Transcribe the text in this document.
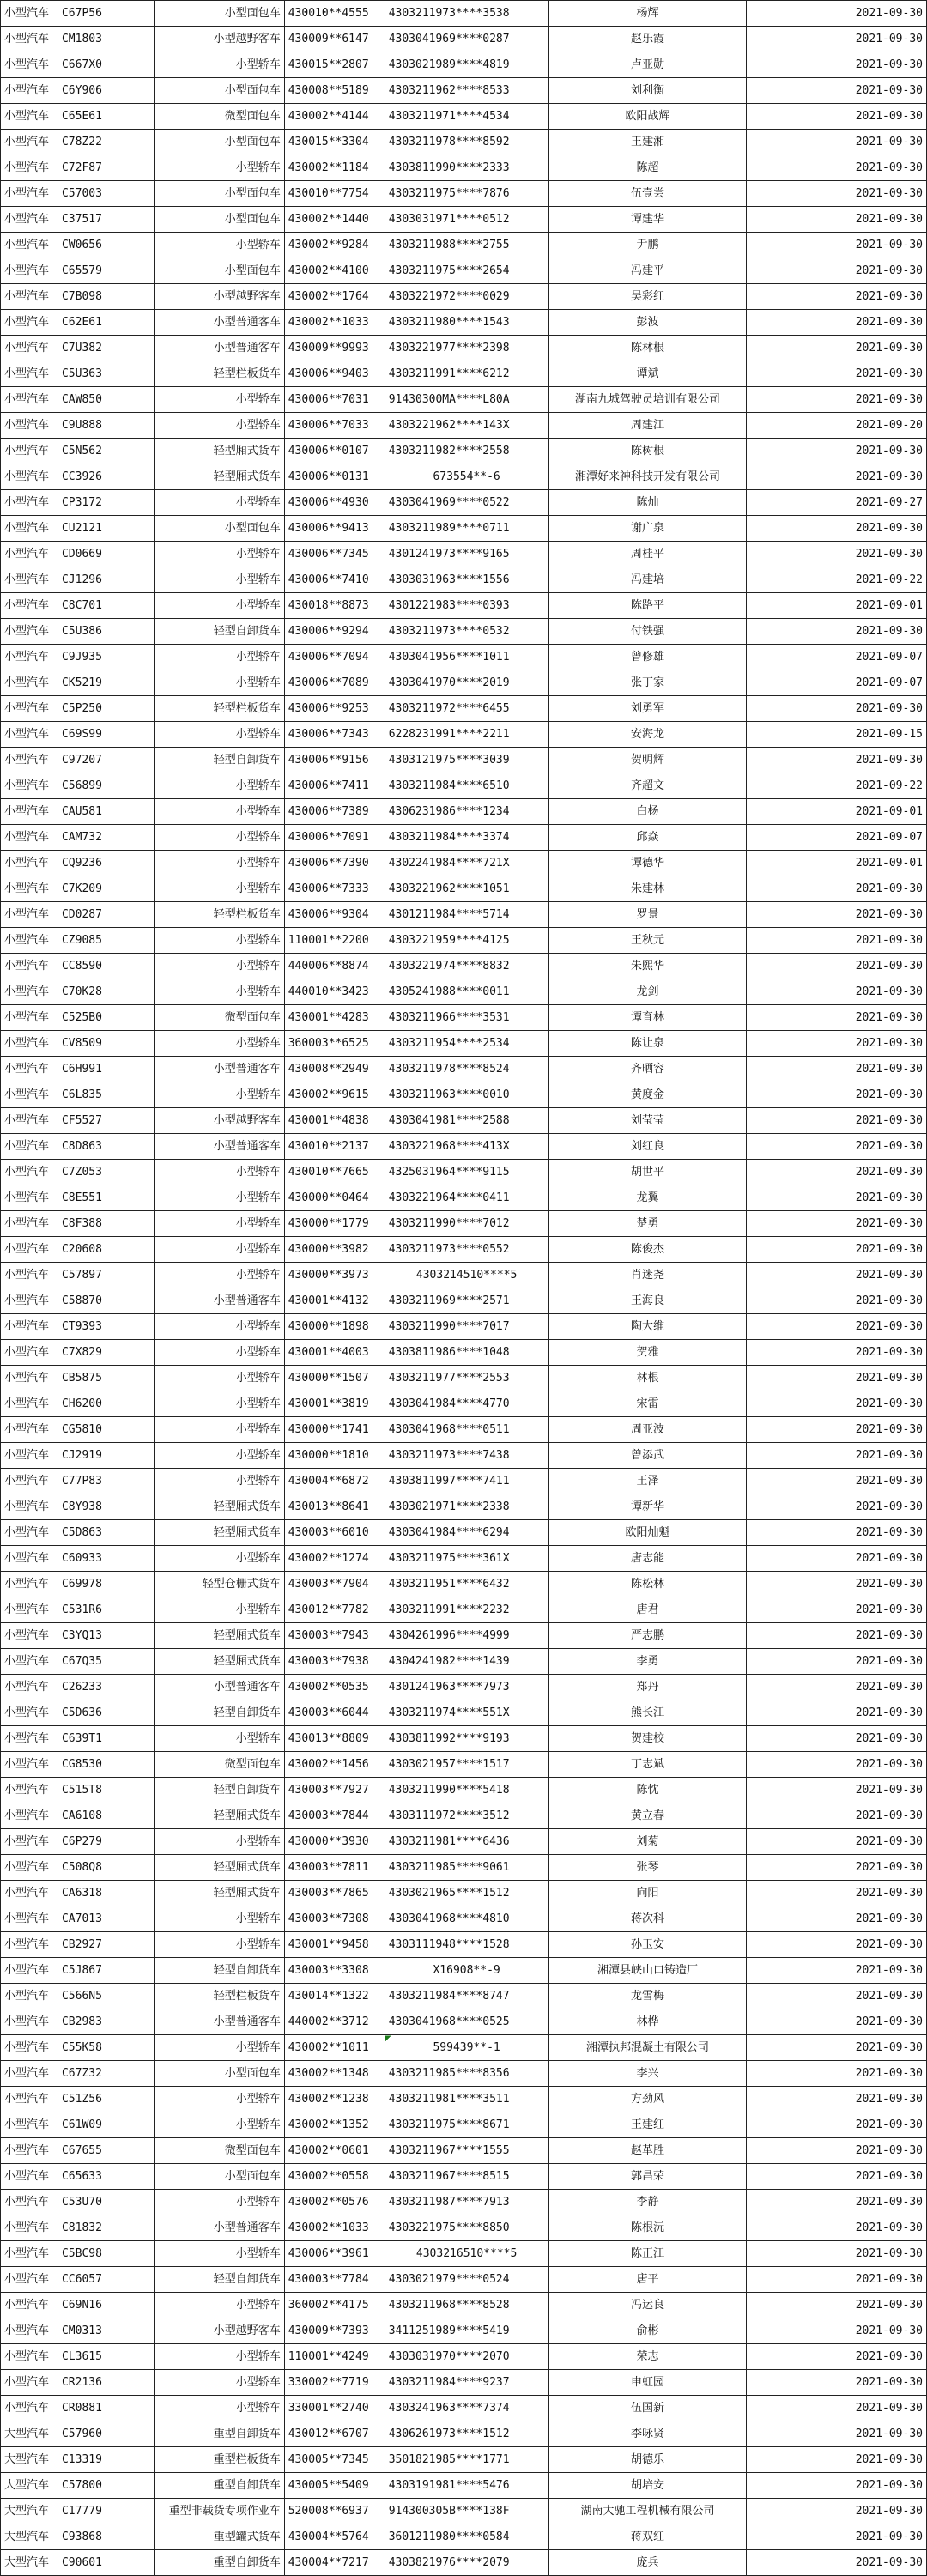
小型汽车	C67P56	小型面包车	430010**4555	4303211973****3538	杨辉	2021-09-30
小型汽车	CM1803	小型越野客车	430009**6147	4303041969****0287	赵乐霞	2021-09-30
小型汽车	C667X0	小型轿车	430015**2807	4303021989****4819	卢亚勋	2021-09-30
小型汽车	C6Y906	小型面包车	430008**5189	4303211962****8533	刘利衡	2021-09-30
小型汽车	C65E61	微型面包车	430002**4144	4303211971****4534	欧阳战辉	2021-09-30
小型汽车	C78Z22	小型面包车	430015**3304	4303211978****8592	王建湘	2021-09-30
小型汽车	C72F87	小型轿车	430002**1184	4303811990****2333	陈超	2021-09-30
小型汽车	C57003	小型面包车	430010**7754	4303211975****7876	伍壹尝	2021-09-30
小型汽车	C37517	小型面包车	430002**1440	4303031971****0512	谭建华	2021-09-30
小型汽车	CW0656	小型轿车	430002**9284	4303211988****2755	尹鹏	2021-09-30
小型汽车	C65579	小型面包车	430002**4100	4303211975****2654	冯建平	2021-09-30
小型汽车	C7B098	小型越野客车	430002**1764	4303221972****0029	吴彩红	2021-09-30
小型汽车	C62E61	小型普通客车	430002**1033	4303211980****1543	彭波	2021-09-30
小型汽车	C7U382	小型普通客车	430009**9993	4303221977****2398	陈林根	2021-09-30
小型汽车	C5U363	轻型栏板货车	430006**9403	4303211991****6212	谭斌	2021-09-30
小型汽车	CAW850	小型轿车	430006**7031	91430300MA****L80A	湖南九城驾驶员培训有限公司	2021-09-30
小型汽车	C9U888	小型轿车	430006**7033	4303221962****143X	周建江	2021-09-20
小型汽车	C5N562	轻型厢式货车	430006**0107	4303211982****2558	陈树根	2021-09-30
小型汽车	CC3926	轻型厢式货车	430006**0131	673554**-6	湘潭好来神科技开发有限公司	2021-09-30
小型汽车	CP3172	小型轿车	430006**4930	4303041969****0522	陈灿	2021-09-27
小型汽车	CU2121	小型面包车	430006**9413	4303211989****0711	谢广泉	2021-09-30
小型汽车	CD0669	小型轿车	430006**7345	4301241973****9165	周桂平	2021-09-30
小型汽车	CJ1296	小型轿车	430006**7410	4303031963****1556	冯建培	2021-09-22
小型汽车	C8C701	小型轿车	430018**8873	4301221983****0393	陈路平	2021-09-01
小型汽车	C5U386	轻型自卸货车	430006**9294	4303211973****0532	付铁强	2021-09-30
小型汽车	C9J935	小型轿车	430006**7094	4303041956****1011	曾修雄	2021-09-07
小型汽车	CK5219	小型轿车	430006**7089	4303041970****2019	张丁家	2021-09-07
小型汽车	C5P250	轻型栏板货车	430006**9253	4303211972****6455	刘勇军	2021-09-30
小型汽车	C69S99	小型轿车	430006**7343	6228231991****2211	安海龙	2021-09-15
小型汽车	C97207	轻型自卸货车	430006**9156	4303121975****3039	贺明辉	2021-09-30
小型汽车	C56899	小型轿车	430006**7411	4303211984****6510	齐超文	2021-09-22
小型汽车	CAU581	小型轿车	430006**7389	4306231986****1234	白杨	2021-09-01
小型汽车	CAM732	小型轿车	430006**7091	4303211984****3374	邱焱	2021-09-07
小型汽车	CQ9236	小型轿车	430006**7390	4302241984****721X	谭德华	2021-09-01
小型汽车	C7K209	小型轿车	430006**7333	4303221962****1051	朱建林	2021-09-30
小型汽车	CD0287	轻型栏板货车	430006**9304	4301211984****5714	罗景	2021-09-30
小型汽车	CZ9085	小型轿车	110001**2200	4303221959****4125	王秋元	2021-09-30
小型汽车	CC8590	小型轿车	440006**8874	4303221974****8832	朱熙华	2021-09-30
小型汽车	C70K28	小型轿车	440010**3423	4305241988****0011	龙剑	2021-09-30
小型汽车	C525B0	微型面包车	430001**4283	4303211966****3531	谭育林	2021-09-30
小型汽车	CV8509	小型轿车	360003**6525	4303211954****2534	陈让泉	2021-09-30
小型汽车	C6H991	小型普通客车	430008**2949	4303211978****8524	齐晒容	2021-09-30
小型汽车	C6L835	小型轿车	430002**9615	4303211963****0010	黄度金	2021-09-30
小型汽车	CF5527	小型越野客车	430001**4838	4303041981****2588	刘莹莹	2021-09-30
小型汽车	C8D863	小型普通客车	430010**2137	4303221968****413X	刘红良	2021-09-30
小型汽车	C7Z053	小型轿车	430010**7665	4325031964****9115	胡世平	2021-09-30
小型汽车	C8E551	小型轿车	430000**0464	4303221964****0411	龙翼	2021-09-30
小型汽车	C8F388	小型轿车	430000**1779	4303211990****7012	楚勇	2021-09-30
小型汽车	C20608	小型轿车	430000**3982	4303211973****0552	陈俊杰	2021-09-30
小型汽车	C57897	小型轿车	430000**3973	4303214510****5	肖迷尧	2021-09-30
小型汽车	C58870	小型普通客车	430001**4132	4303211969****2571	王海良	2021-09-30
小型汽车	CT9393	小型轿车	430000**1898	4303211990****7017	陶大维	2021-09-30
小型汽车	C7X829	小型轿车	430001**4003	4303811986****1048	贺雅	2021-09-30
小型汽车	CB5875	小型轿车	430000**1507	4303211977****2553	林根	2021-09-30
小型汽车	CH6200	小型轿车	430001**3819	4303041984****4770	宋雷	2021-09-30
小型汽车	CG5810	小型轿车	430000**1741	4303041968****0511	周亚波	2021-09-30
小型汽车	CJ2919	小型轿车	430000**1810	4303211973****7438	曾添武	2021-09-30
小型汽车	C77P83	小型轿车	430004**6872	4303811997****7411	王泽	2021-09-30
小型汽车	C8Y938	轻型厢式货车	430013**8641	4303021971****2338	谭新华	2021-09-30
小型汽车	C5D863	轻型厢式货车	430003**6010	4303041984****6294	欧阳灿魁	2021-09-30
小型汽车	C60933	小型轿车	430002**1274	4303211975****361X	唐志能	2021-09-30
小型汽车	C69978	轻型仓栅式货车	430003**7904	4303211951****6432	陈松林	2021-09-30
小型汽车	C531R6	小型轿车	430012**7782	4303211991****2232	唐君	2021-09-30
小型汽车	C3YQ13	轻型厢式货车	430003**7943	4304261996****4999	严志鹏	2021-09-30
小型汽车	C67Q35	轻型厢式货车	430003**7938	4304241982****1439	李勇	2021-09-30
小型汽车	C26233	小型普通客车	430002**0535	4301241963****7973	郑丹	2021-09-30
小型汽车	C5D636	轻型自卸货车	430003**6044	4303211974****551X	熊长江	2021-09-30
小型汽车	C639T1	小型轿车	430013**8809	4303811992****9193	贺建校	2021-09-30
小型汽车	CG8530	微型面包车	430002**1456	4303021957****1517	丁志斌	2021-09-30
小型汽车	C515T8	轻型自卸货车	430003**7927	4303211990****5418	陈忱	2021-09-30
小型汽车	CA6108	轻型厢式货车	430003**7844	4303111972****3512	黄立春	2021-09-30
小型汽车	C6P279	小型轿车	430000**3930	4303211981****6436	刘菊	2021-09-30
小型汽车	C508Q8	轻型厢式货车	430003**7811	4303211985****9061	张琴	2021-09-30
小型汽车	CA6318	轻型厢式货车	430003**7865	4303021965****1512	向阳	2021-09-30
小型汽车	CA7013	小型轿车	430003**7308	4303041968****4810	蒋次科	2021-09-30
小型汽车	CB2927	小型轿车	430001**9458	4303111948****1528	孙玉安	2021-09-30
小型汽车	C5J867	轻型自卸货车	430003**3308	X16908**-9	湘潭县峡山口铸造厂	2021-09-30
小型汽车	C566N5	轻型栏板货车	430014**1322	4303211984****8747	龙雪梅	2021-09-30
小型汽车	CB2983	小型普通客车	440002**3712	4303041968****0525	林桦	2021-09-30
小型汽车	C55K58	小型轿车	430002**1011	599439**-1	湘潭执邦混凝土有限公司	2021-09-30
小型汽车	C67Z32	小型面包车	430002**1348	4303211985****8356	李兴	2021-09-30
小型汽车	C51Z56	小型轿车	430002**1238	4303211981****3511	方劲风	2021-09-30
小型汽车	C61W09	小型轿车	430002**1352	4303211975****8671	王建红	2021-09-30
小型汽车	C67655	微型面包车	430002**0601	4303211967****1555	赵革胜	2021-09-30
小型汽车	C65633	小型面包车	430002**0558	4303211967****8515	郭昌荣	2021-09-30
小型汽车	C53U70	小型轿车	430002**0576	4303211987****7913	李静	2021-09-30
小型汽车	C81832	小型普通客车	430002**1033	4303221975****8850	陈根沅	2021-09-30
小型汽车	C5BC98	小型轿车	430006**3961	4303216510****5	陈正江	2021-09-30
小型汽车	CC6057	轻型自卸货车	430003**7784	4303021979****0524	唐平	2021-09-30
小型汽车	C69N16	小型轿车	360002**4175	4303211968****8528	冯运良	2021-09-30
小型汽车	CM0313	小型越野客车	430009**7393	3411251989****5419	俞彬	2021-09-30
小型汽车	CL3615	小型轿车	110001**4249	4303031970****2070	荣志	2021-09-30
小型汽车	CR2136	小型轿车	330002**7719	4303211984****9237	申虹园	2021-09-30
小型汽车	CR0881	小型轿车	330001**2740	4303241963****7374	伍国新	2021-09-30
大型汽车	C57960	重型自卸货车	430012**6707	4306261973****1512	李咏贤	2021-09-30
大型汽车	C13319	重型栏板货车	430005**7345	3501821985****1771	胡德乐	2021-09-30
大型汽车	C57800	重型自卸货车	430005**5409	4303191981****5476	胡培安	2021-09-30
大型汽车	C17779	重型非载货专项作业车	520008**6937	914300305B****138F	湖南大驰工程机械有限公司	2021-09-30
大型汽车	C93868	重型罐式货车	430004**5764	3601211980****0584	蒋双红	2021-09-30
大型汽车	C90601	重型自卸货车	430004**7217	4303821976****2079	庞兵	2021-09-30
